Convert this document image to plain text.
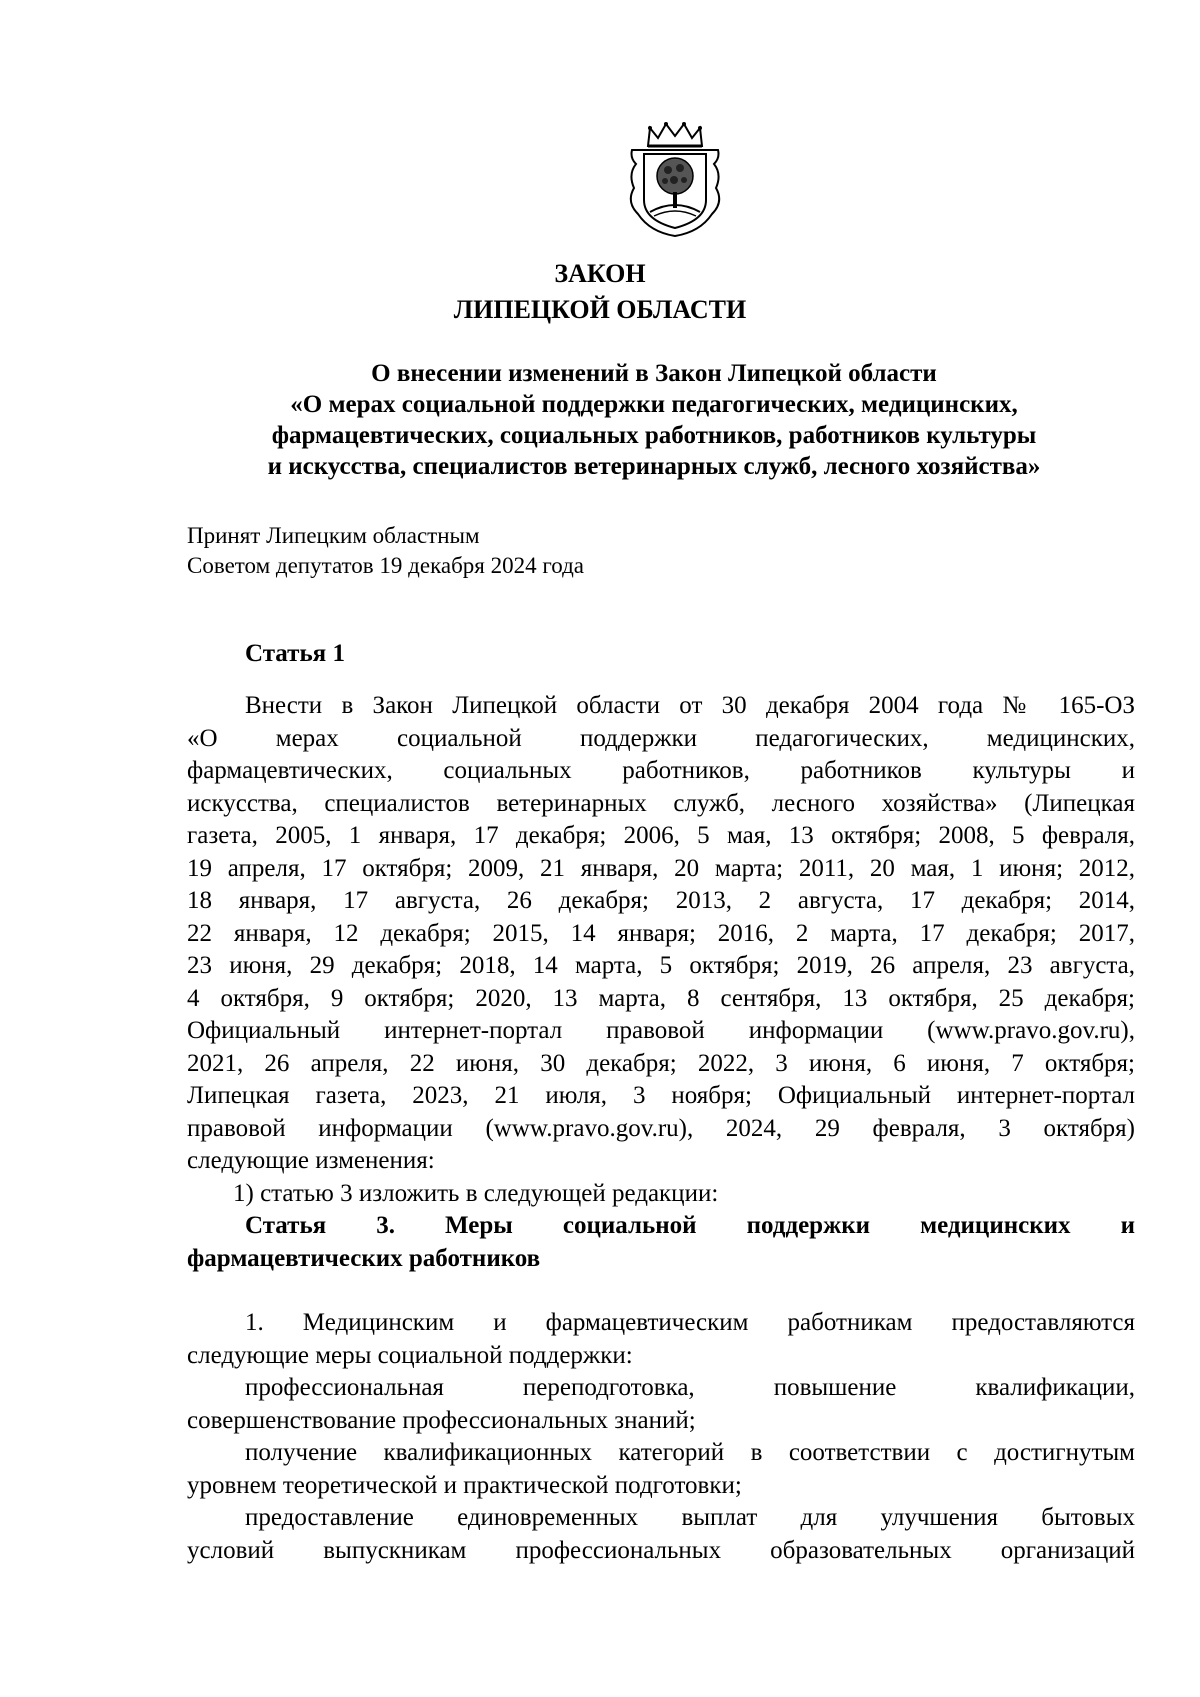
ЗАКОН
ЛИПЕЦКОЙ ОБЛАСТИ
О внесении изменений в Закон Липецкой области
«О мерах социальной поддержки педагогических, медицинских,
фармацевтических, социальных работников, работников культуры
и искусства, специалистов ветеринарных служб, лесного хозяйства»
Принят Липецким областным
Советом депутатов 19 декабря 2024 года
Статья 1
Внести в Закон Липецкой области от 30 декабря 2004 года № 165-ОЗ
«О мерах социальной поддержки педагогических, медицинских,
фармацевтических, социальных работников, работников культуры и
искусства, специалистов ветеринарных служб, лесного хозяйства» (Липецкая
газета, 2005, 1 января, 17 декабря; 2006, 5 мая, 13 октября; 2008, 5 февраля,
19 апреля, 17 октября; 2009, 21 января, 20 марта; 2011, 20 мая, 1 июня; 2012,
18 января, 17 августа, 26 декабря; 2013, 2 августа, 17 декабря; 2014,
22 января, 12 декабря; 2015, 14 января; 2016, 2 марта, 17 декабря; 2017,
23 июня, 29 декабря; 2018, 14 марта, 5 октября; 2019, 26 апреля, 23 августа,
4 октября, 9 октября; 2020, 13 марта, 8 сентября, 13 октября, 25 декабря;
Официальный интернет-портал правовой информации (www.pravo.gov.ru),
2021, 26 апреля, 22 июня, 30 декабря; 2022, 3 июня, 6 июня, 7 октября;
Липецкая газета, 2023, 21 июля, 3 ноября; Официальный интернет-портал
правовой информации (www.pravo.gov.ru), 2024, 29 февраля, 3 октября)
следующие изменения:
1) статью 3 изложить в следующей редакции:
Статья 3. Меры социальной поддержки медицинских и
фармацевтических работников
1. Медицинским и фармацевтическим работникам предоставляются
следующие меры социальной поддержки:
профессиональная переподготовка, повышение квалификации,
совершенствование профессиональных знаний;
получение квалификационных категорий в соответствии с достигнутым
уровнем теоретической и практической подготовки;
предоставление единовременных выплат для улучшения бытовых
условий выпускникам профессиональных образовательных организаций
